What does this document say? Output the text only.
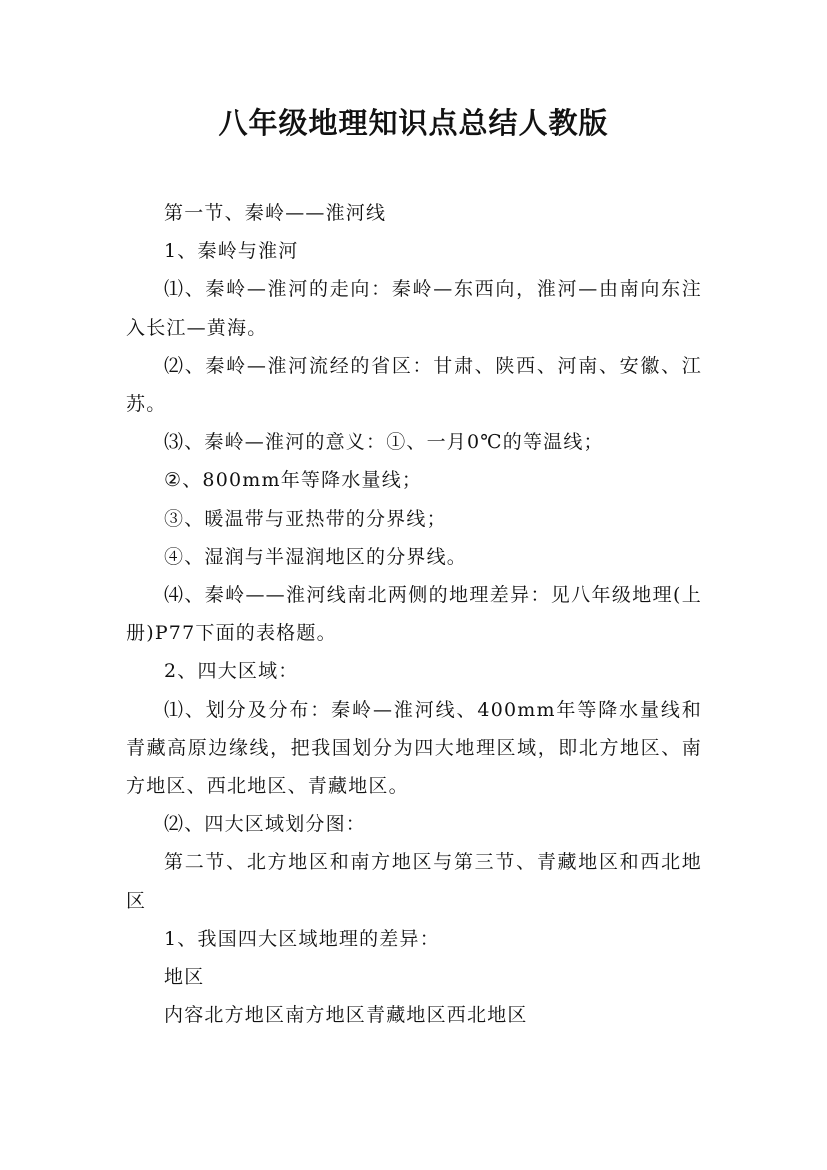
八年级地理知识点总结人教版

第一节、秦岭——淮河线

1、秦岭与淮河

⑴、秦岭—淮河的走向：秦岭—东西向，淮河—由南向东注入长江—黄海。

⑵、秦岭—淮河流经的省区：甘肃、陕西、河南、安徽、江苏。

⑶、秦岭—淮河的意义：①、一月0℃的等温线；

②、800mm年等降水量线；

③、暖温带与亚热带的分界线；

④、湿润与半湿润地区的分界线。

⑷、秦岭——淮河线南北两侧的地理差异：见八年级地理(上册)P77下面的表格题。

2、四大区域：

⑴、划分及分布：秦岭—淮河线、400mm年等降水量线和青藏高原边缘线，把我国划分为四大地理区域，即北方地区、南方地区、西北地区、青藏地区。

⑵、四大区域划分图：

第二节、北方地区和南方地区与第三节、青藏地区和西北地区

1、我国四大区域地理的差异：

地区

内容北方地区南方地区青藏地区西北地区
